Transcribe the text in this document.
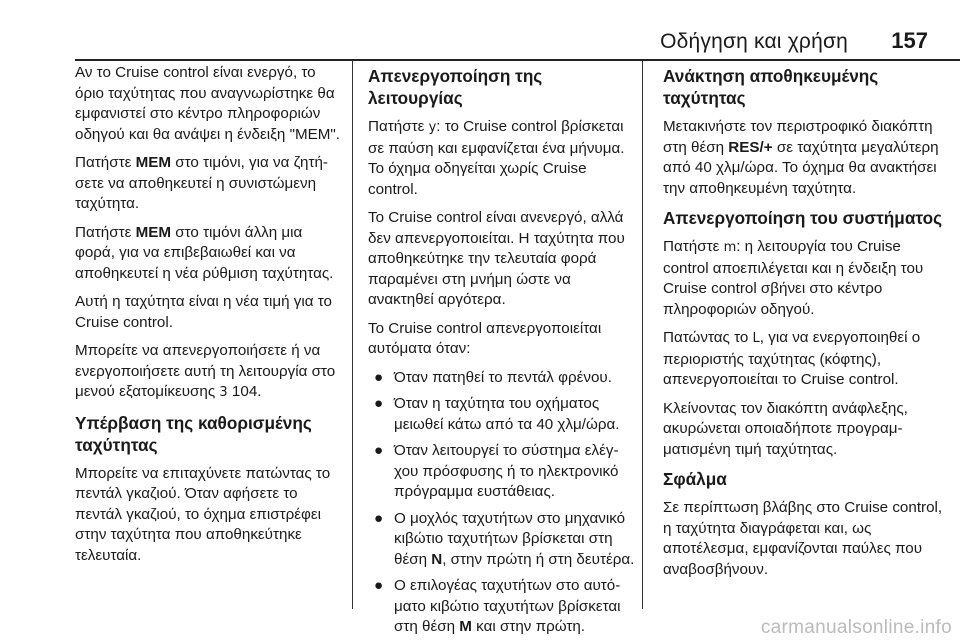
Οδήγηση και χρήση 157

Αν το Cruise control είναι ενεργό, το όριο ταχύτητας που αναγνωρίστηκε θα εμφανιστεί στο κέντρο πληροφοριών οδηγού και θα ανάψει η ένδειξη "MEM".

Πατήστε MEM στο τιμόνι, για να ζητήσετε να αποθηκευτεί η συνιστώμενη ταχύτητα.

Πατήστε MEM στο τιμόνι άλλη μια φορά, για να επιβεβαιωθεί και να αποθηκευτεί η νέα ρύθμιση ταχύτητας.

Αυτή η ταχύτητα είναι η νέα τιμή για το Cruise control.

Μπορείτε να απενεργοποιήσετε ή να ενεργοποιήσετε αυτή τη λειτουργία στο μενού εξατομίκευσης 3 104.

Υπέρβαση της καθορισμένης ταχύτητας

Μπορείτε να επιταχύνετε πατώντας το πεντάλ γκαζιού. Όταν αφήσετε το πεντάλ γκαζιού, το όχημα επιστρέφει στην ταχύτητα που αποθηκεύτηκε τελευταία.

Απενεργοποίηση της λειτουργίας

Πατήστε y: το Cruise control βρίσκεται σε παύση και εμφανίζεται ένα μήνυμα. Το όχημα οδηγείται χωρίς Cruise control.

Το Cruise control είναι ανενεργό, αλλά δεν απενεργοποιείται. Η ταχύτητα που αποθηκεύτηκε την τελευταία φορά παραμένει στη μνήμη ώστε να ανακτηθεί αργότερα.

Το Cruise control απενεργοποιείται αυτόματα όταν:

● Όταν πατηθεί το πεντάλ φρένου.
● Όταν η ταχύτητα του οχήματος μειωθεί κάτω από τα 40 χλμ/ώρα.
● Όταν λειτουργεί το σύστημα ελέγχου πρόσφυσης ή το ηλεκτρονικό πρόγραμμα ευστάθειας.
● Ο μοχλός ταχυτήτων στο μηχανικό κιβώτιο ταχυτήτων βρίσκεται στη θέση N, στην πρώτη ή στη δευτέρα.
● Ο επιλογέας ταχυτήτων στο αυτόματο κιβώτιο ταχυτήτων βρίσκεται στη θέση M και στην πρώτη.
Ανάκτηση αποθηκευμένης ταχύτητας

Μετακινήστε τον περιστροφικό διακόπτη στη θέση RES/+ σε ταχύτητα μεγαλύτερη από 40 χλμ/ώρα. Το όχημα θα ανακτήσει την αποθηκευμένη ταχύτητα.

Απενεργοποίηση του συστήματος

Πατήστε m: η λειτουργία του Cruise control αποεπιλέγεται και η ένδειξη του Cruise control σβήνει στο κέντρο πληροφοριών οδηγού.

Πατώντας το L, για να ενεργοποιηθεί ο περιοριστής ταχύτητας (κόφτης), απενεργοποιείται το Cruise control.

Κλείνοντας τον διακόπτη ανάφλεξης, ακυρώνεται οποιαδήποτε προγραμματισμένη τιμή ταχύτητας.

Σφάλμα

Σε περίπτωση βλάβης στο Cruise control, η ταχύτητα διαγράφεται και, ως αποτέλεσμα, εμφανίζονται παύλες που αναβοσβήνουν.

carmanualsonline.info
